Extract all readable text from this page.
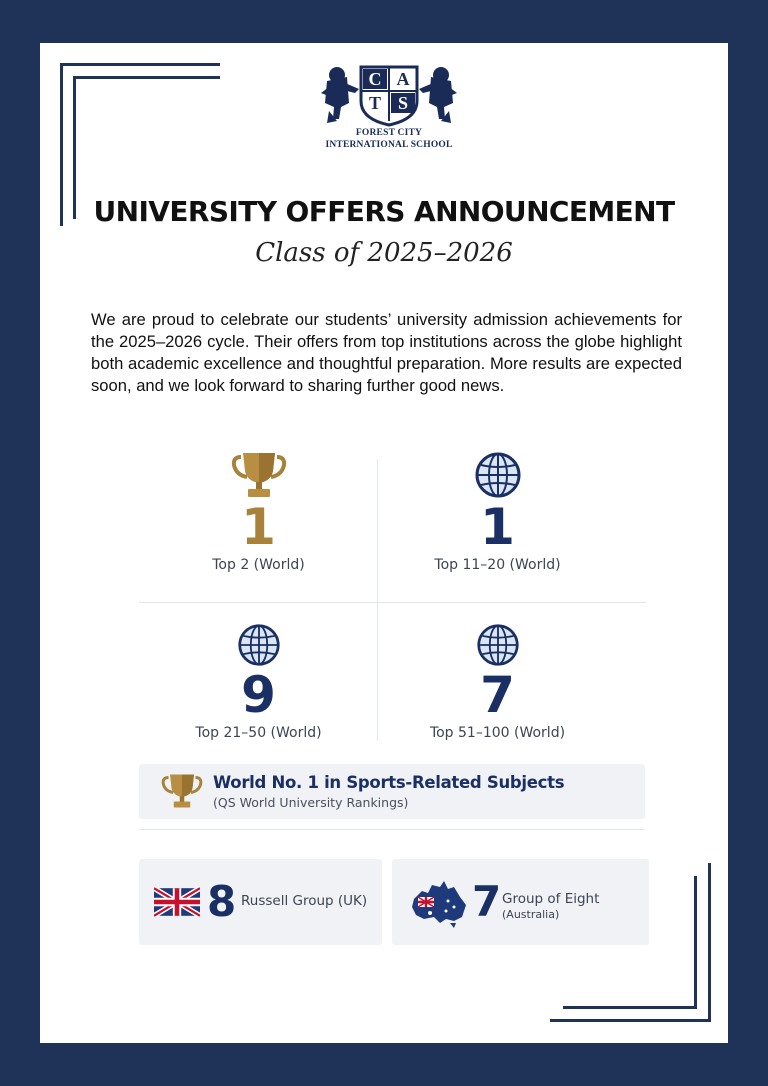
C A
T S
FOREST CITY
INTERNATIONAL SCHOOL
UNIVERSITY OFFERS ANNOUNCEMENT
Class of 2025–2026

We are proud to celebrate our students’ university admission achievements for the 2025–2026 cycle. Their offers from top institutions across the globe highlight both academic excellence and thoughtful preparation. More results are expected soon, and we look forward to sharing further good news.

1
Top 2 (World)
1
Top 11–20 (World)
9
Top 21–50 (World)
7
Top 51–100 (World)
World No. 1 in Sports-Related Subjects
(QS World University Rankings)
8 Russell Group (UK) 7 Group of Eight
(Australia)
